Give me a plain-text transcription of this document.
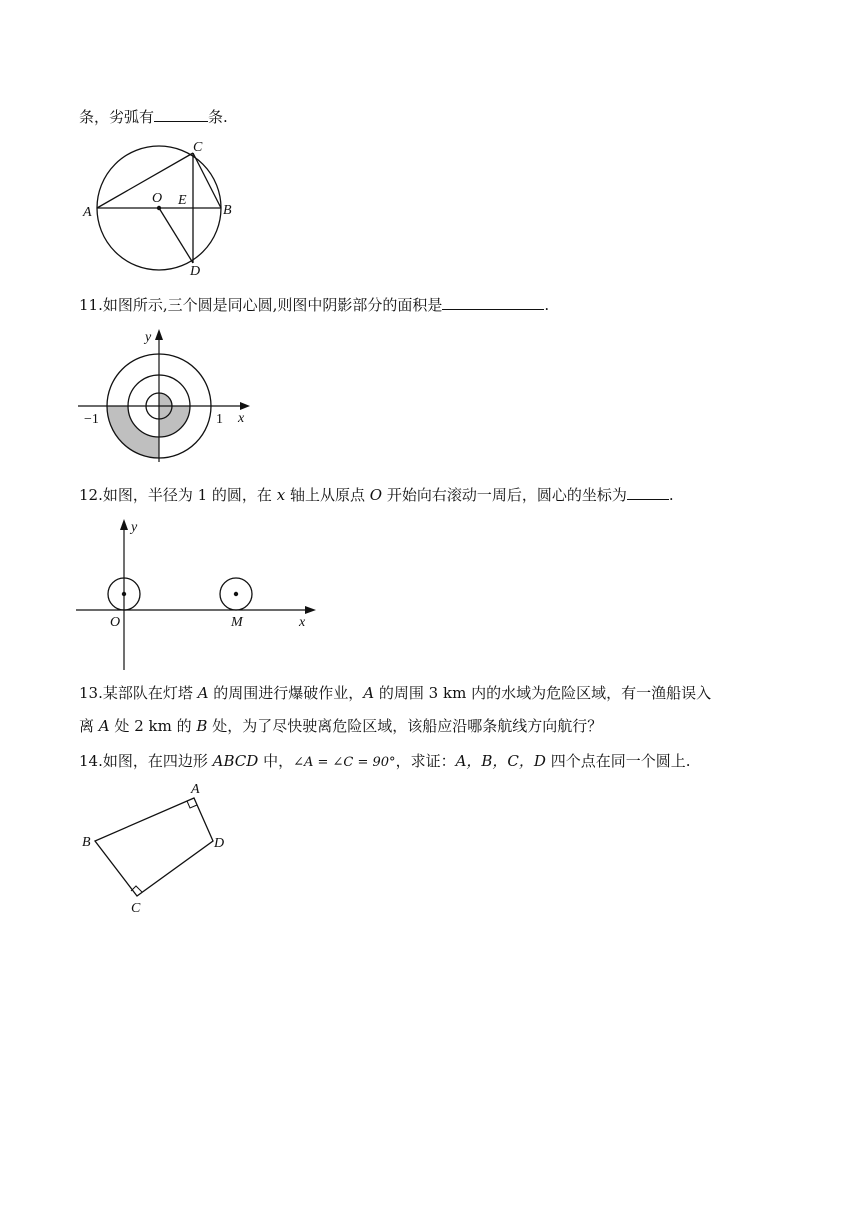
条，劣弧有	条.
A	B
C
D
O E
11.如图所示,三个圆是同心圆,则图中阴影部分的面积是	.
y
x
−1	1
12.如图，半径为 1 的圆，在 x 轴上从原点 O 开始向右滚动一周后，圆心的坐标为	.
y
x
O	M
13.某部队在灯塔 A 的周围进行爆破作业，A 的周围 3 km 内的水域为危险区域，有一渔船误入
离 A 处 2 km 的 B 处，为了尽快驶离危险区域，该船应沿哪条航线方向航行？
14.如图，在四边形 ABCD 中，∠A = ∠C = 90°，求证：A，B，C，D 四个点在同一个圆上.
A
B
C
D
